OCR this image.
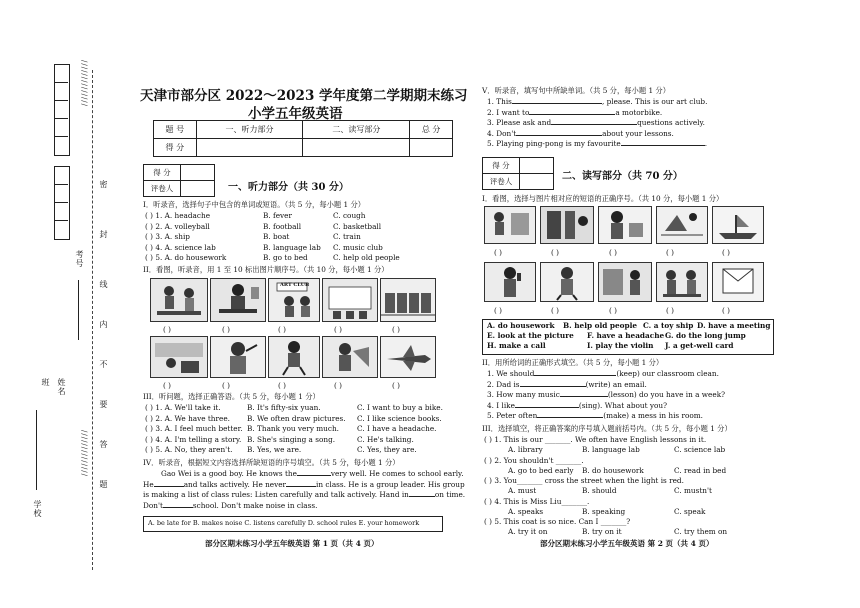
考号
学校
班 姓名
密
封
线
内
不
要
答
题
//////////////
//////////////
天津市部分区 2022～2023 学年度第二学期期末练习
小学五年级英语
题 号	一、听力部分	二、读写部分	总 分
得 分			
得 分	
评卷人		一、听力部分（共 30 分）
I．听录音，选择句子中包含的单词或短语。（共 5 分，每小题 1 分）
( ) 1. A. headache	B. fever	C. cough
( ) 2. A. volleyball	B. football	C. basketball
( ) 3. A. ship	B. boat	C. train
( ) 4. A. science lab	B. language lab C. music club
( ) 5. A. do housework	B. go to bed	C. help old people
II．看图，听录音，用 1 至 10 标出图片顺序号。（共 10 分，每小题 1 分）
ART CLUB
( )	( )	( )	( )	( )
( )	( )	( )	( )	( )
III．听问题，选择正确答语。（共 5 分，每小题 1 分）
( ) 1. A. We'll take it.	B. It's fifty-six yuan.	C. I want to buy a bike.
( ) 2. A. We have three. B. We often draw pictures. C. I like science books.
( ) 3. A. I feel much better. B. Thank you very much. C. I have a headache.
( ) 4. A. I'm telling a story. B. She's singing a song.	C. He's talking.
( ) 5. A. No, they aren't. B. Yes, we are.	C. Yes, they are.
IV．听录音，根据短文内容选择所缺短语的序号填空。（共 5 分，每小题 1 分）
Gao Wei is a good boy. He knows the	very well. He comes to school early.
He	and talks actively. He never	in class. He is a group leader. His group
is making a list of class rules: Listen carefully and talk actively. Hand in	on time.
Don't	school. Don't make noise in class.
A. be late for B. makes noise C. listens carefully D. school rules E. your homework
部分区期末练习小学五年级英语 第 1 页（共 4 页）
V．听录音，填写句中所缺单词。（共 5 分，每小题 1 分）
1. This	, please. This is our art club.
2. I want to	a motorbike.
3. Please ask and	questions actively.
4. Don't	about your lessons.
5. Playing ping-pong is my favourite	.
得 分	
评卷人		二、读写部分（共 70 分）
I．看图，选择与图片相对应的短语的正确序号。（共 10 分，每小题 1 分）
( )	( )	( )	( )	( )
( )	( )	( )	( )	( )
A. do housework B. help old people C. a toy ship D. have a meeting
E. look at the picture F. have a headache G. do the long jump
H. make a call	I. play the violin J. a get-well card
II．用所给词的正确形式填空。（共 5 分，每小题 1 分）
1. We should	(keep) our classroom clean.
2. Dad is	(write) an email.
3. How many music	(lesson) do you have in a week?
4. I like	(sing). What about you?
5. Peter often	(make) a mess in his room.
III．选择填空，将正确答案的序号填入题前括号内。（共 5 分，每小题 1 分）
( ) 1. This is our _______. We often have English lessons in it.
A. library	B. language lab	C. science lab
( ) 2. You shouldn't _______.
A. go to bed early B. do housework	C. read in bed
( ) 3. You_______ cross the street when the light is red.
A. must	B. should	C. mustn't
( ) 4. This is Miss Liu_______.
A. speaks	B. speaking	C. speak
( ) 5. This coat is so nice. Can I _______?
A. try it on	B. try on it	C. try them on
部分区期末练习小学五年级英语 第 2 页（共 4 页）
